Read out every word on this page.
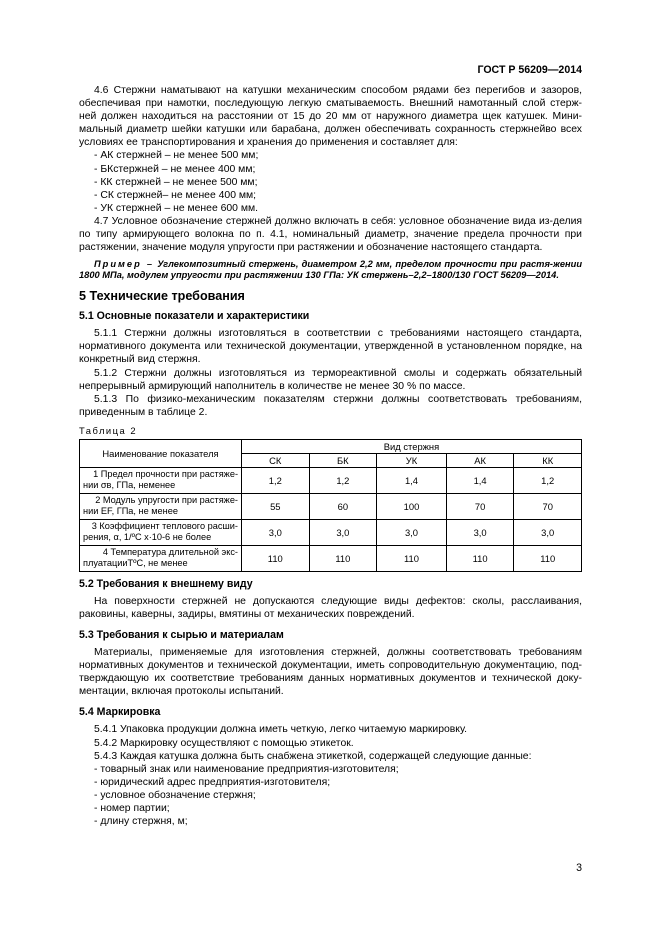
ГОСТ Р 56209—2014

4.6 Стержни наматывают на катушки механическим способом рядами без перегибов и зазоров, обеспечивая при намотки, последующую легкую сматываемость. Внешний намотанный слой стерж-ней должен находиться на расстоянии от 15 до 20 мм от наружного диаметра щек катушек. Мини-мальный диаметр шейки катушки или барабана, должен обеспечивать сохранность стержнейво всех условиях ее транспортирования и хранения до применения и составляет для:

- АК стержней – не менее 500 мм;
- БКстержней – не менее 400 мм;
- КК стержней – не менее 500 мм;
- СК стержней– не менее 400 мм;
- УК стержней – не менее 600 мм.

4.7 Условное обозначение стержней должно включать в себя: условное обозначение вида из-делия по типу армирующего волокна по п. 4.1, номинальный диаметр, значение предела прочности при растяжении, значение модуля упругости при растяжении и обозначение настоящего стандарта.

Пример – Углекомпозитный стержень, диаметром 2,2 мм, пределом прочности при растя-жении 1800 МПа, модулем упругости при растяжении 130 ГПа: УК стержень–2,2–1800/130 ГОСТ 56209—2014.

5 Технические требования
5.1 Основные показатели и характеристики

5.1.1 Стержни должны изготовляться в соответствии с требованиями настоящего стандарта, нормативного документа или технической документации, утвержденной в установленном порядке, на конкретный вид стержня.

5.1.2 Стержни должны изготовляться из термореактивной смолы и содержать обязательный непрерывный армирующий наполнитель в количестве не менее 30 % по массе.

5.1.3 По физико-механическим показателям стержни должны соответствовать требованиям, приведенным в таблице 2.

Таблица 2
Наименование показателя	Вид стержня				
	СК	БК	УК	АК	КК

1 Предел прочности при растяже-
нии σв, ГПа, неменее	1,2	1,2	1,4	1,4	1,2

2 Модуль упругости при растяже-
нии EF, ГПа, не менее	55	60	100	70	70

3 Коэффициент теплового расши-
рения, α, 1/ºС х·10-6 не более	3,0	3,0	3,0	3,0	3,0

4 Температура длительной экс-
плуатацииТºС, не менее	110	110	110	110	110
5.2 Требования к внешнему виду

На поверхности стержней не допускаются следующие виды дефектов: сколы, расслаивания, раковины, каверны, задиры, вмятины от механических повреждений.

5.3 Требования к сырью и материалам

Материалы, применяемые для изготовления стержней, должны соответствовать требованиям нормативных документов и технической документации, иметь сопроводительную документацию, под-тверждающую их соответствие требованиям данных нормативных документов и технической доку-ментации, включая протоколы испытаний.

5.4 Маркировка

5.4.1 Упаковка продукции должна иметь четкую, легко читаемую маркировку.

5.4.2 Маркировку осуществляют с помощью этикеток.

5.4.3 Каждая катушка должна быть снабжена этикеткой, содержащей следующие данные:

- товарный знак или наименование предприятия-изготовителя;
- юридический адрес предприятия-изготовителя;
- условное обозначение стержня;
- номер партии;
- длину стержня, м;
3
